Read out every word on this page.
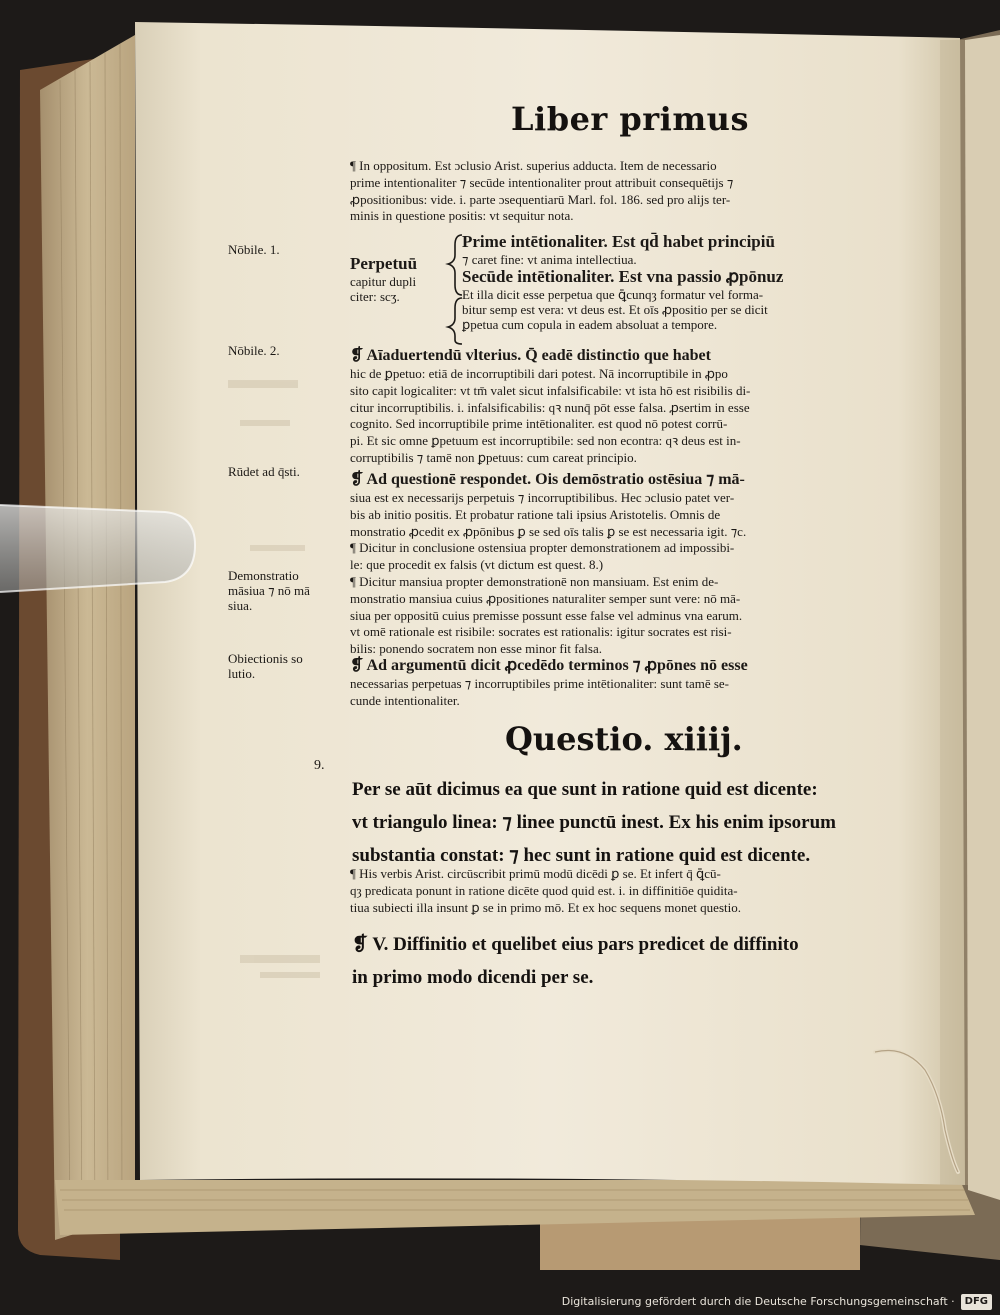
Liber primus
¶ In oppositum. Est ɔclusio Arist. superius adducta. Item de necessario
prime intentionaliter ⁊ secūde intentionaliter prout attribuit consequētijs ⁊
ꝓpositionibus: vide. i. parte ɔsequentiarū Marl. fol. 186. sed pro alijs ter-
minis in questione positis: vt sequitur nota.
Perpetuū
capitur dupli
citer: scʒ.
Prime intētionaliter. Est qd̄ habet principiū
⁊ caret fine: vt anima intellectiua.
Secūde intētionaliter. Est vna passio ꝓpōnuz
Et illa dicit esse perpetua que ꝗ̄cunqȝ formatur vel forma-
bitur semp est vera: vt deus est. Et oīs ꝓpositio per se dicit
ꝑpetua cum copula in eadem absoluat a tempore.
❡ Aīaduertendū vlterius. Q̄ eadē distinctio que habet
hic de ꝑpetuo: etiā de incorruptibili dari potest. Nā incorruptibile in ꝓpo
sito capit logicaliter: vt tm̄ valet sicut infalsificabile: vt ista hō est risibilis di-
citur incorruptibilis. i. infalsificabilis: qꝛ nunq̄ pōt esse falsa. ꝓsertim in esse
cognito. Sed incorruptibile prime intētionaliter. est quod nō potest corrū-
pi. Et sic omne ꝑpetuum est incorruptibile: sed non econtra: qꝛ deus est in-
corruptibilis ⁊ tamē non ꝑpetuus: cum careat principio.
❡ Ad questionē respondet. Ois demōstratio ostēsiua ⁊ mā-
siua est ex necessarijs perpetuis ⁊ incorruptibilibus. Hec ɔclusio patet ver-
bis ab initio positis. Et probatur ratione tali ipsius Aristotelis. Omnis de
monstratio ꝓcedit ex ꝓpōnibus ꝑ se sed oīs talis ꝑ se est necessaria igit. ⁊c.
¶ Dicitur in conclusione ostensiua propter demonstrationem ad impossibi-
le: que procedit ex falsis (vt dictum est quest. 8.)
¶ Dicitur mansiua propter demonstrationē non mansiuam. Est enim de-
monstratio mansiua cuius ꝓpositiones naturaliter semper sunt vere: nō mā-
siua per oppositū cuius premisse possunt esse false vel adminus vna earum.
vt omē rationale est risibile: socrates est rationalis: igitur socrates est risi-
bilis: ponendo socratem non esse minor fit falsa.
❡ Ad argumentū dicit ꝓcedēdo terminos ⁊ ꝓpōnes nō esse
necessarias perpetuas ⁊ incorruptibiles prime intētionaliter: sunt tamē se-
cunde intentionaliter.
Questio. xiiij.
Per se aūt dicimus ea que sunt in ratione quid est dicente:
vt triangulo linea: ⁊ linee punctū inest. Ex his enim ipsorum
substantia constat: ⁊ hec sunt in ratione quid est dicente.
¶ His verbis Arist. circūscribit primū modū dicēdi ꝑ se. Et infert q̄ ꝗ̄cū-
qȝ predicata ponunt in ratione dicēte quod quid est. i. in diffinitiōe quidita-
tiua subiecti illa insunt ꝑ se in primo mō. Et ex hoc sequens monet questio.
❡ V. Diffinitio et quelibet eius pars predicet de diffinito
in primo modo dicendi per se.
Nōbile. 1.
Nōbile. 2.
Rūdet ad q̄sti.
Demonstratio
māsiua ⁊ nō mā
siua.
Obiectionis so
lutio.
9.
Digitalisierung gefördert durch die Deutsche Forschungsgemeinschaft ·	DFG
